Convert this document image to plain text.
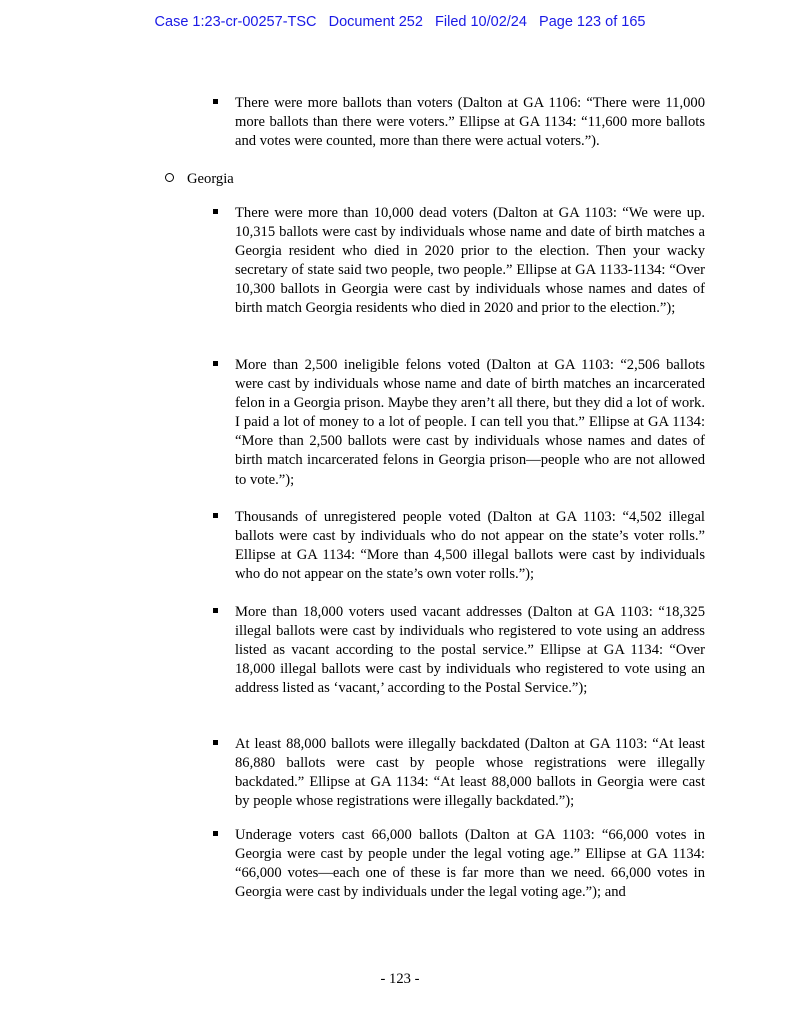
Case 1:23-cr-00257-TSC Document 252 Filed 10/02/24 Page 123 of 165
There were more ballots than voters (Dalton at GA 1106: “There were 11,000 more ballots than there were voters.” Ellipse at GA 1134: “11,600 more ballots and votes were counted, more than there were actual voters.”).
Georgia
There were more than 10,000 dead voters (Dalton at GA 1103: “We were up. 10,315 ballots were cast by individuals whose name and date of birth matches a Georgia resident who died in 2020 prior to the election. Then your wacky secretary of state said two people, two people.” Ellipse at GA 1133-1134: “Over 10,300 ballots in Georgia were cast by individuals whose names and dates of birth match Georgia residents who died in 2020 and prior to the election.”);
More than 2,500 ineligible felons voted (Dalton at GA 1103: “2,506 ballots were cast by individuals whose name and date of birth matches an incarcerated felon in a Georgia prison. Maybe they aren’t all there, but they did a lot of work. I paid a lot of money to a lot of people. I can tell you that.” Ellipse at GA 1134: “More than 2,500 ballots were cast by individuals whose names and dates of birth match incarcerated felons in Georgia prison—people who are not allowed to vote.”);
Thousands of unregistered people voted (Dalton at GA 1103: “4,502 illegal ballots were cast by individuals who do not appear on the state’s voter rolls.” Ellipse at GA 1134: “More than 4,500 illegal ballots were cast by individuals who do not appear on the state’s own voter rolls.”);
More than 18,000 voters used vacant addresses (Dalton at GA 1103: “18,325 illegal ballots were cast by individuals who registered to vote using an address listed as vacant according to the postal service.” Ellipse at GA 1134: “Over 18,000 illegal ballots were cast by individuals who registered to vote using an address listed as ‘vacant,’ according to the Postal Service.”);
At least 88,000 ballots were illegally backdated (Dalton at GA 1103: “At least 86,880 ballots were cast by people whose registrations were illegally backdated.” Ellipse at GA 1134: “At least 88,000 ballots in Georgia were cast by people whose registrations were illegally backdated.”);
Underage voters cast 66,000 ballots (Dalton at GA 1103: “66,000 votes in Georgia were cast by people under the legal voting age.” Ellipse at GA 1134: “66,000 votes—each one of these is far more than we need. 66,000 votes in Georgia were cast by individuals under the legal voting age.”); and
- 123 -
